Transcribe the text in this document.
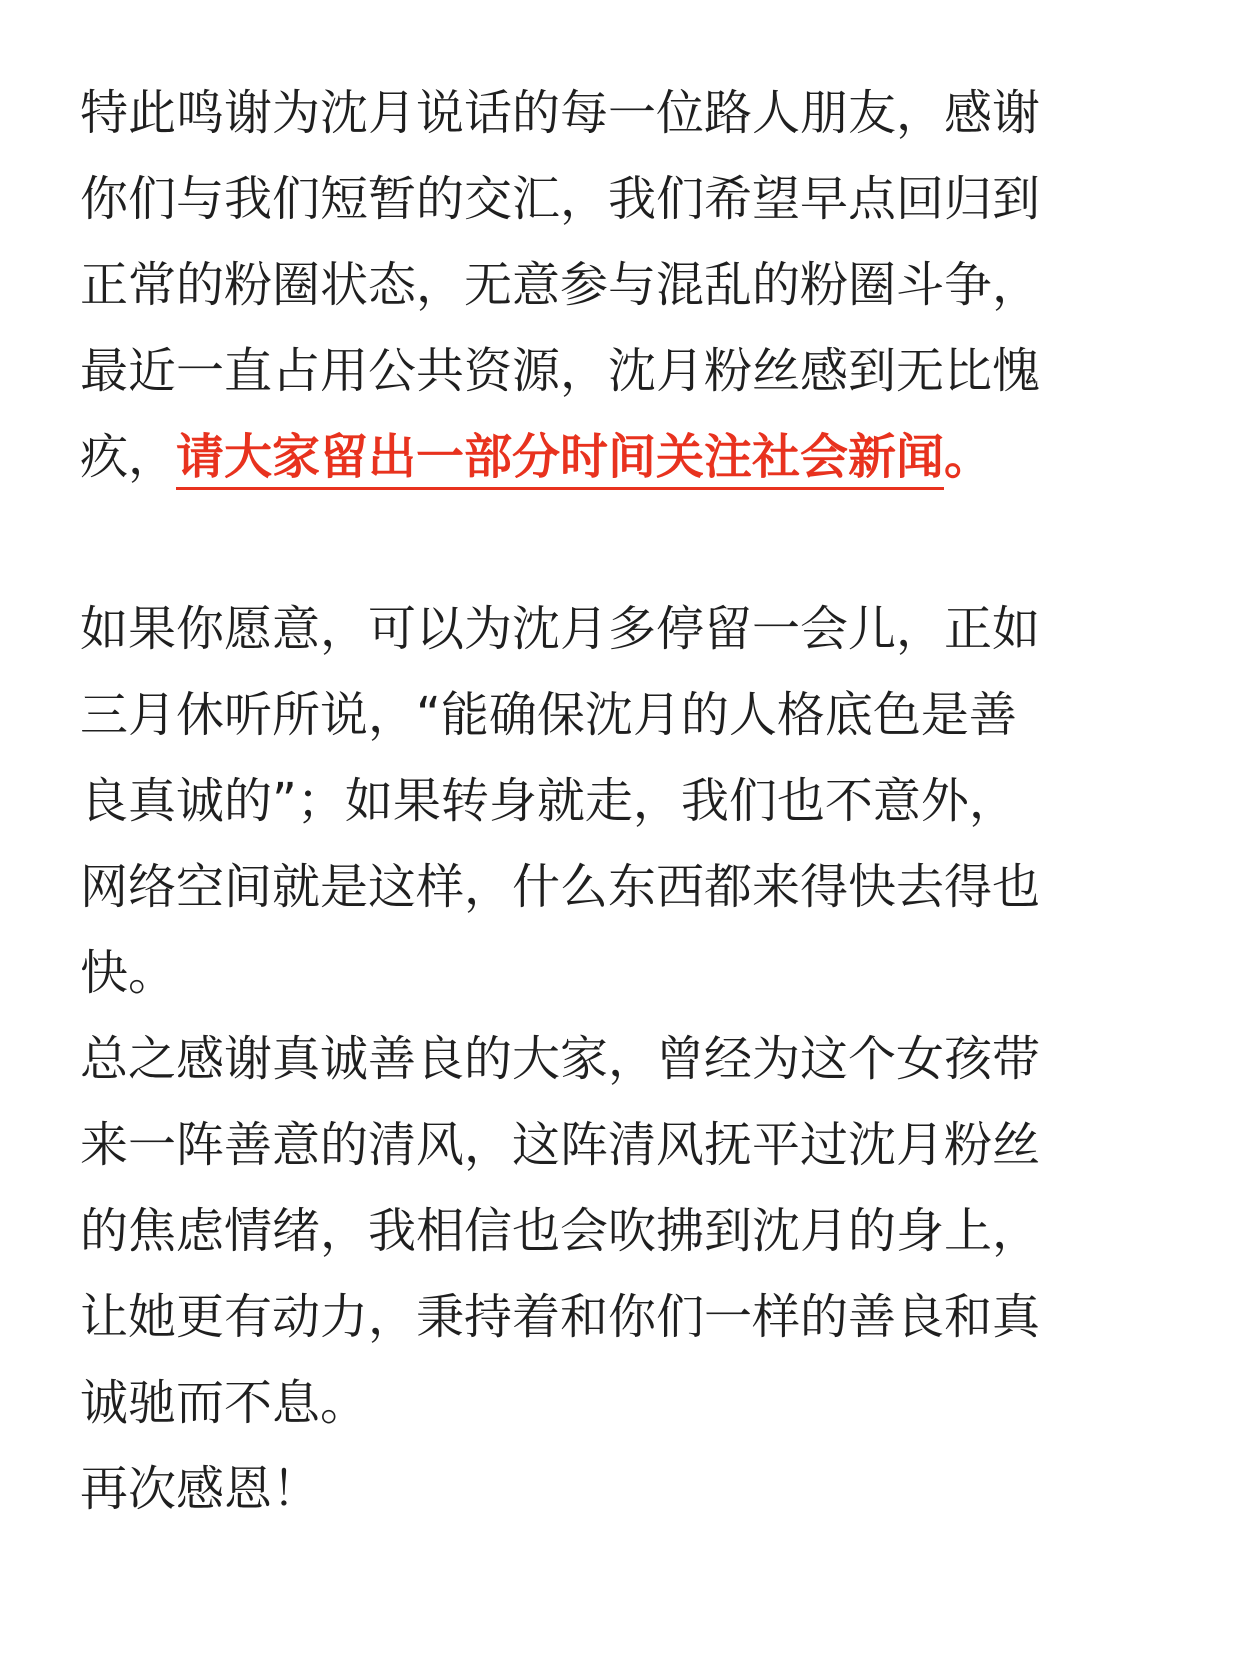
特此鸣谢为沈月说话的每一位路人朋友，感谢
你们与我们短暂的交汇，我们希望早点回归到
正常的粉圈状态，无意参与混乱的粉圈斗争，
最近一直占用公共资源，沈月粉丝感到无比愧
疚，请大家留出一部分时间关注社会新闻。
如果你愿意，可以为沈月多停留一会儿，正如
三月休听所说，“能确保沈月的人格底色是善
良真诚的”；如果转身就走，我们也不意外，
网络空间就是这样，什么东西都来得快去得也
快。
总之感谢真诚善良的大家，曾经为这个女孩带
来一阵善意的清风，这阵清风抚平过沈月粉丝
的焦虑情绪，我相信也会吹拂到沈月的身上，
让她更有动力，秉持着和你们一样的善良和真
诚驰而不息。
再次感恩！
